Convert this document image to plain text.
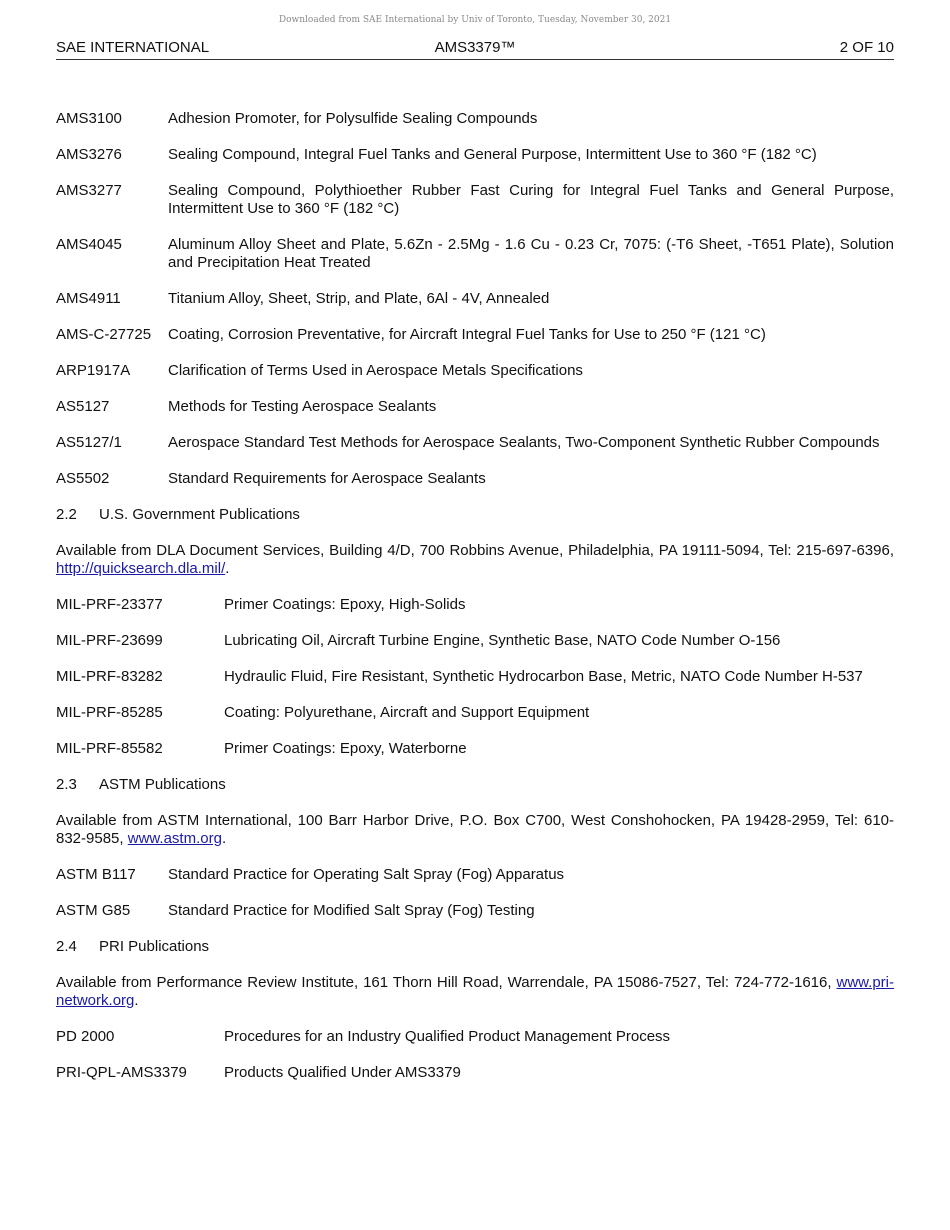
Downloaded from SAE International by Univ of Toronto, Tuesday, November 30, 2021
AMS3379™
SAE INTERNATIONAL	2 OF 10
AMS3100	Adhesion Promoter, for Polysulfide Sealing Compounds
AMS3276	Sealing Compound, Integral Fuel Tanks and General Purpose, Intermittent Use to 360 °F (182 °C)
AMS3277	Sealing Compound, Polythioether Rubber Fast Curing for Integral Fuel Tanks and General Purpose, Intermittent Use to 360 °F (182 °C)
AMS4045	Aluminum Alloy Sheet and Plate, 5.6Zn - 2.5Mg - 1.6 Cu - 0.23 Cr, 7075: (-T6 Sheet, -T651 Plate), Solution and Precipitation Heat Treated
AMS4911	Titanium Alloy, Sheet, Strip, and Plate, 6Al - 4V, Annealed
AMS-C-27725	Coating, Corrosion Preventative, for Aircraft Integral Fuel Tanks for Use to 250 °F (121 °C)
ARP1917A	Clarification of Terms Used in Aerospace Metals Specifications
AS5127	Methods for Testing Aerospace Sealants
AS5127/1	Aerospace Standard Test Methods for Aerospace Sealants, Two-Component Synthetic Rubber Compounds
AS5502	Standard Requirements for Aerospace Sealants
2.2	U.S. Government Publications
Available from DLA Document Services, Building 4/D, 700 Robbins Avenue, Philadelphia, PA 19111-5094, Tel: 215-697-6396, http://quicksearch.dla.mil/.
MIL-PRF-23377	Primer Coatings: Epoxy, High-Solids
MIL-PRF-23699	Lubricating Oil, Aircraft Turbine Engine, Synthetic Base, NATO Code Number O-156
MIL-PRF-83282	Hydraulic Fluid, Fire Resistant, Synthetic Hydrocarbon Base, Metric, NATO Code Number H-537
MIL-PRF-85285	Coating: Polyurethane, Aircraft and Support Equipment
MIL-PRF-85582	Primer Coatings: Epoxy, Waterborne
2.3	ASTM Publications
Available from ASTM International, 100 Barr Harbor Drive, P.O. Box C700, West Conshohocken, PA 19428-2959, Tel: 610-832-9585, www.astm.org.
ASTM B117	Standard Practice for Operating Salt Spray (Fog) Apparatus
ASTM G85	Standard Practice for Modified Salt Spray (Fog) Testing
2.4	PRI Publications
Available from Performance Review Institute, 161 Thorn Hill Road, Warrendale, PA 15086-7527, Tel: 724-772-1616, www.pri-network.org.
PD 2000	Procedures for an Industry Qualified Product Management Process
PRI-QPL-AMS3379	Products Qualified Under AMS3379
